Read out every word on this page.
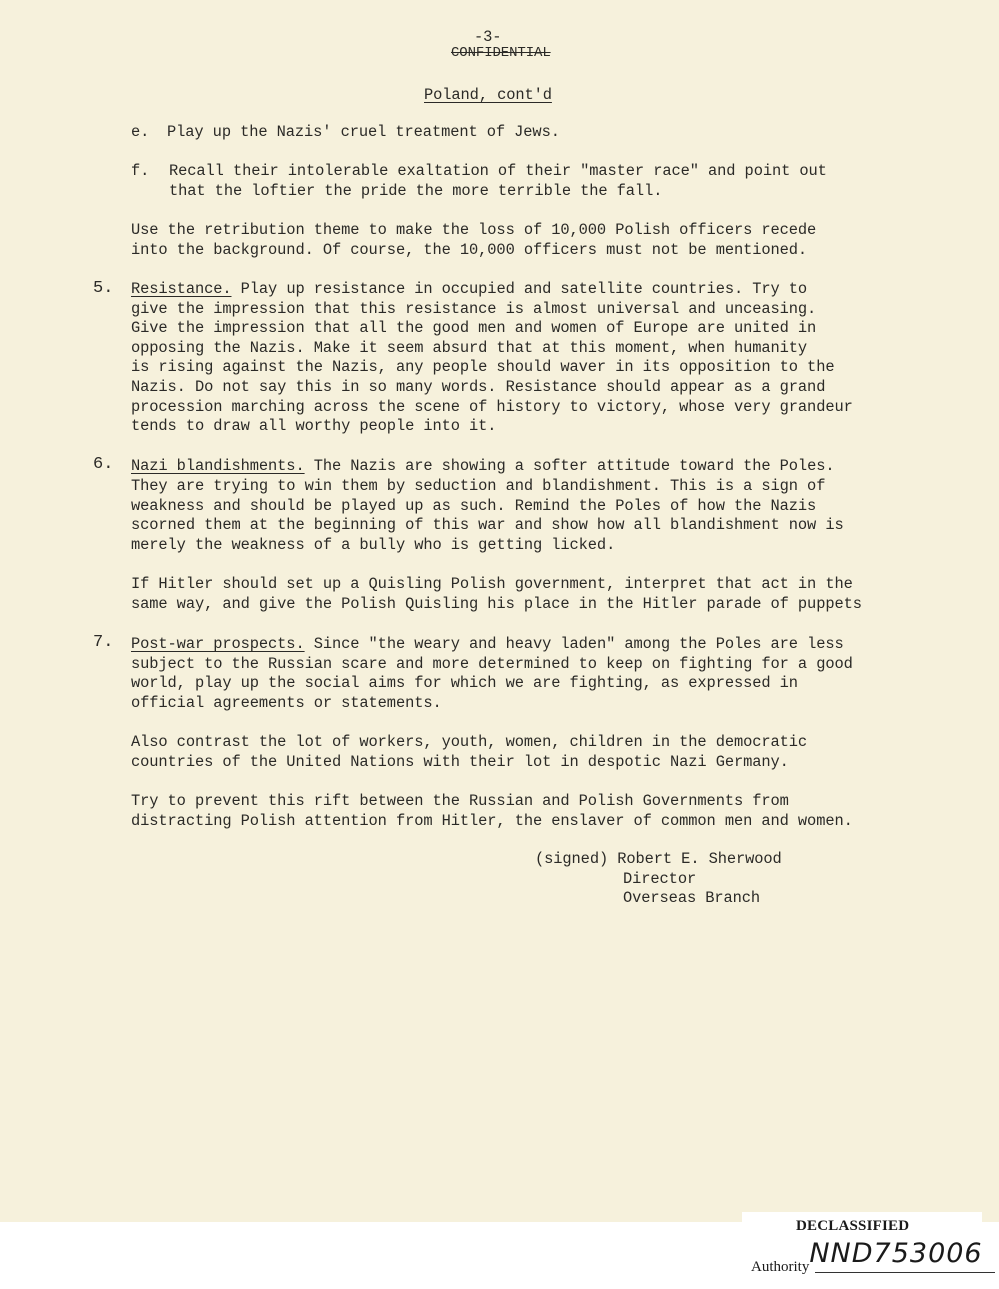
-3-
CONFIDENTIAL
Poland, cont'd
e. Play up the Nazis' cruel treatment of Jews.
f. Recall their intolerable exaltation of their "master race" and point out
that the loftier the pride the more terrible the fall.
Use the retribution theme to make the loss of 10,000 Polish officers recede
into the background. Of course, the 10,000 officers must not be mentioned.
5. Resistance. Play up resistance in occupied and satellite countries. Try to
give the impression that this resistance is almost universal and unceasing.
Give the impression that all the good men and women of Europe are united in
opposing the Nazis. Make it seem absurd that at this moment, when humanity
is rising against the Nazis, any people should waver in its opposition to the
Nazis. Do not say this in so many words. Resistance should appear as a grand
procession marching across the scene of history to victory, whose very grandeur
tends to draw all worthy people into it.
6. Nazi blandishments. The Nazis are showing a softer attitude toward the Poles.
They are trying to win them by seduction and blandishment. This is a sign of
weakness and should be played up as such. Remind the Poles of how the Nazis
scorned them at the beginning of this war and show how all blandishment now is
merely the weakness of a bully who is getting licked.
If Hitler should set up a Quisling Polish government, interpret that act in the
same way, and give the Polish Quisling his place in the Hitler parade of puppets
7. Post-war prospects. Since "the weary and heavy laden" among the Poles are less
subject to the Russian scare and more determined to keep on fighting for a good
world, play up the social aims for which we are fighting, as expressed in
official agreements or statements.
Also contrast the lot of workers, youth, women, children in the democratic
countries of the United Nations with their lot in despotic Nazi Germany.
Try to prevent this rift between the Russian and Polish Governments from
distracting Polish attention from Hitler, the enslaver of common men and women.
(signed) Robert E. Sherwood
Director
Overseas Branch
DECLASSIFIED
AuthorityNND753006
